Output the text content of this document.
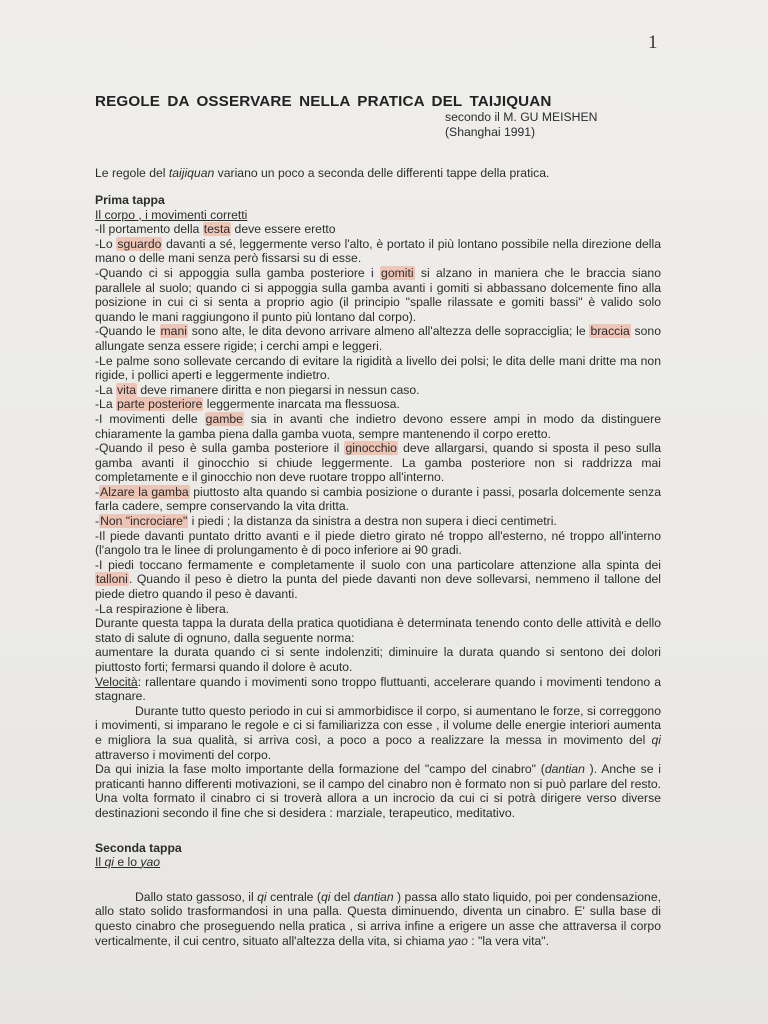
1
REGOLE DA OSSERVARE NELLA PRATICA DEL TAIJIQUAN
secondo il M. GU MEISHEN
(Shanghai 1991)
Le regole del taijiquan variano un poco a seconda delle differenti tappe della pratica.

Prima tappa

Il corpo , i movimenti corretti

-Il portamento della testa deve essere eretto

-Lo sguardo davanti a sé, leggermente verso l'alto, è portato il più lontano possibile nella direzione della mano o delle mani senza però fissarsi su di esse.

-Quando ci si appoggia sulla gamba posteriore i gomiti si alzano in maniera che le braccia siano parallele al suolo; quando ci si appoggia sulla gamba avanti i gomiti si abbassano dolcemente fino alla posizione in cui ci si senta a proprio agio (il principio "spalle rilassate e gomiti bassi" è valido solo quando le mani raggiungono il punto più lontano dal corpo).

-Quando le mani sono alte, le dita devono arrivare almeno all'altezza delle sopracciglia; le braccia sono allungate senza essere rigide; i cerchi ampi e leggeri.

-Le palme sono sollevate cercando di evitare la rigidità a livello dei polsi; le dita delle mani dritte ma non rigide, i pollici aperti e leggermente indietro.

-La vita deve rimanere diritta e non piegarsi in nessun caso.

-La parte posteriore leggermente inarcata ma flessuosa.

-I movimenti delle gambe sia in avanti che indietro devono essere ampi in modo da distinguere chiaramente la gamba piena dalla gamba vuota, sempre mantenendo il corpo eretto.

-Quando il peso è sulla gamba posteriore il ginocchio deve allargarsi, quando si sposta il peso sulla gamba avanti il ginocchio si chiude leggermente. La gamba posteriore non si raddrizza mai completamente e il ginocchio non deve ruotare troppo all'interno.

-Alzare la gamba piuttosto alta quando si cambia posizione o durante i passi, posarla dolcemente senza farla cadere, sempre conservando la vita dritta.

-Non "incrociare" i piedi ; la distanza da sinistra a destra non supera i dieci centimetri.

-Il piede davanti puntato dritto avanti e il piede dietro girato né troppo all'esterno, né troppo all'interno (l'angolo tra le linee di prolungamento è di poco inferiore ai 90 gradi.

-I piedi toccano fermamente e completamente il suolo con una particolare attenzione alla spinta dei talloni. Quando il peso è dietro la punta del piede davanti non deve sollevarsi, nemmeno il tallone del piede dietro quando il peso è davanti.

-La respirazione è libera.

Durante questa tappa la durata della pratica quotidiana è determinata tenendo conto delle attività e dello stato di salute di ognuno, dalla seguente norma:

aumentare la durata quando ci si sente indolenziti; diminuire la durata quando si sentono dei dolori piuttosto forti; fermarsi quando il dolore è acuto.

Velocità: rallentare quando i movimenti sono troppo fluttuanti, accelerare quando i movimenti tendono a stagnare.

Durante tutto questo periodo in cui si ammorbidisce il corpo, si aumentano le forze, si correggono i movimenti, si imparano le regole e ci si familiarizza con esse , il volume delle energie interiori aumenta e migliora la sua qualità, si arriva così, a poco a poco a realizzare la messa in movimento del qi attraverso i movimenti del corpo.

Da qui inizia la fase molto importante della formazione del "campo del cinabro" (dantian ). Anche se i praticanti hanno differenti motivazioni, se il campo del cinabro non è formato non si può parlare del resto. Una volta formato il cinabro ci si troverà allora a un incrocio da cui ci si potrà dirigere verso diverse destinazioni secondo il fine che si desidera : marziale, terapeutico, meditativo.

Seconda tappa

Il qi e lo yao

Dallo stato gassoso, il qi centrale (qi del dantian ) passa allo stato liquido, poi per condensazione, allo stato solido trasformandosi in una palla. Questa diminuendo, diventa un cinabro. E' sulla base di questo cinabro che proseguendo nella pratica , si arriva infine a erigere un asse che attraversa il corpo verticalmente, il cui centro, situato all'altezza della vita, si chiama yao : "la vera vita".
